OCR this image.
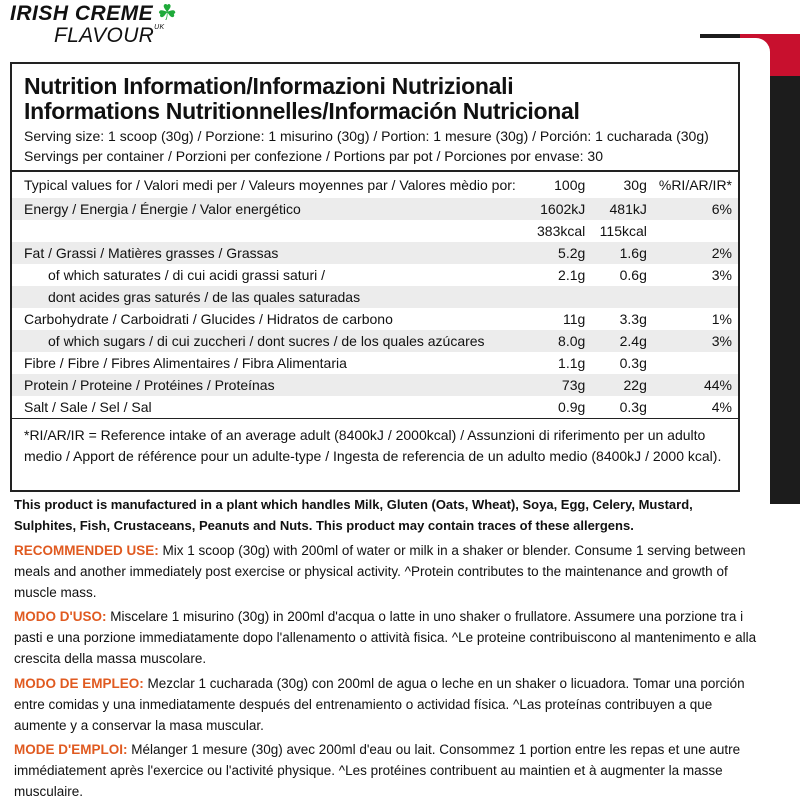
IRISH CREME ☘
$FLAVOUR^{UK}$
Nutrition Information/Informazioni Nutrizionali
Informations Nutritionnelles/Información Nutricional
Serving size: 1 scoop (30g) / Porzione: 1 misurino (30g) / Portion: 1 mesure (30g) / Porción: 1 cucharada (30g)
Servings per container / Porzioni per confezione / Portions par pot / Porciones por envase: 30
Typical values for / Valori medi per / Valeurs moyennes par / Valores mèdio por:	100g	30g	%RI/AR/IR*
Energy / Energia / Énergie / Valor energético	1602kJ	481kJ	6%
	383kcal	115kcal	
Fat / Grassi / Matières grasses / Grassas	5.2g	1.6g	2%
of which saturates / di cui acidi grassi saturi /	2.1g	0.6g	3%
dont acides gras saturés / de las quales saturadas			
Carbohydrate / Carboidrati / Glucides / Hidratos de carbono	11g	3.3g	1%
of which sugars / di cui zuccheri / dont sucres / de los quales azúcares	8.0g	2.4g	3%
Fibre / Fibre / Fibres Alimentaires / Fibra Alimentaria	1.1g	0.3g	
Protein / Proteine / Protéines / Proteínas	73g	22g	44%
Salt / Sale / Sel / Sal	0.9g	0.3g	4%
*RI/AR/IR = Reference intake of an average adult (8400kJ / 2000kcal) / Assunzioni di riferimento per un adulto
medio / Apport de référence pour un adulte-type / Ingesta de referencia de un adulto medio (8400kJ / 2000 kcal).
This product is manufactured in a plant which handles Milk, Gluten (Oats, Wheat), Soya, Egg, Celery, Mustard, Sulphites, Fish, Crustaceans, Peanuts and Nuts. This product may contain traces of these allergens.
RECOMMENDED USE: Mix 1 scoop (30g) with 200ml of water or milk in a shaker or blender. Consume 1 serving between meals and another immediately post exercise or physical activity. ^Protein contributes to the maintenance and growth of muscle mass.
MODO D'USO: Miscelare 1 misurino (30g) in 200ml d'acqua o latte in uno shaker o frullatore. Assumere una porzione tra i pasti e una porzione immediatamente dopo l'allenamento o attività fisica. ^Le proteine contribuiscono al mantenimento e alla crescita della massa muscolare.
MODO DE EMPLEO: Mezclar 1 cucharada (30g) con 200ml de agua o leche en un shaker o licuadora. Tomar una porción entre comidas y una inmediatamente después del entrenamiento o actividad física. ^Las proteínas contribuyen a que aumente y a conservar la masa muscular.
MODE D'EMPLOI: Mélanger 1 mesure (30g) avec 200ml d'eau ou lait. Consommez 1 portion entre les repas et une autre immédiatement après l'exercice ou l'activité physique. ^Les protéines contribuent au maintien et à augmenter la masse musculaire.
